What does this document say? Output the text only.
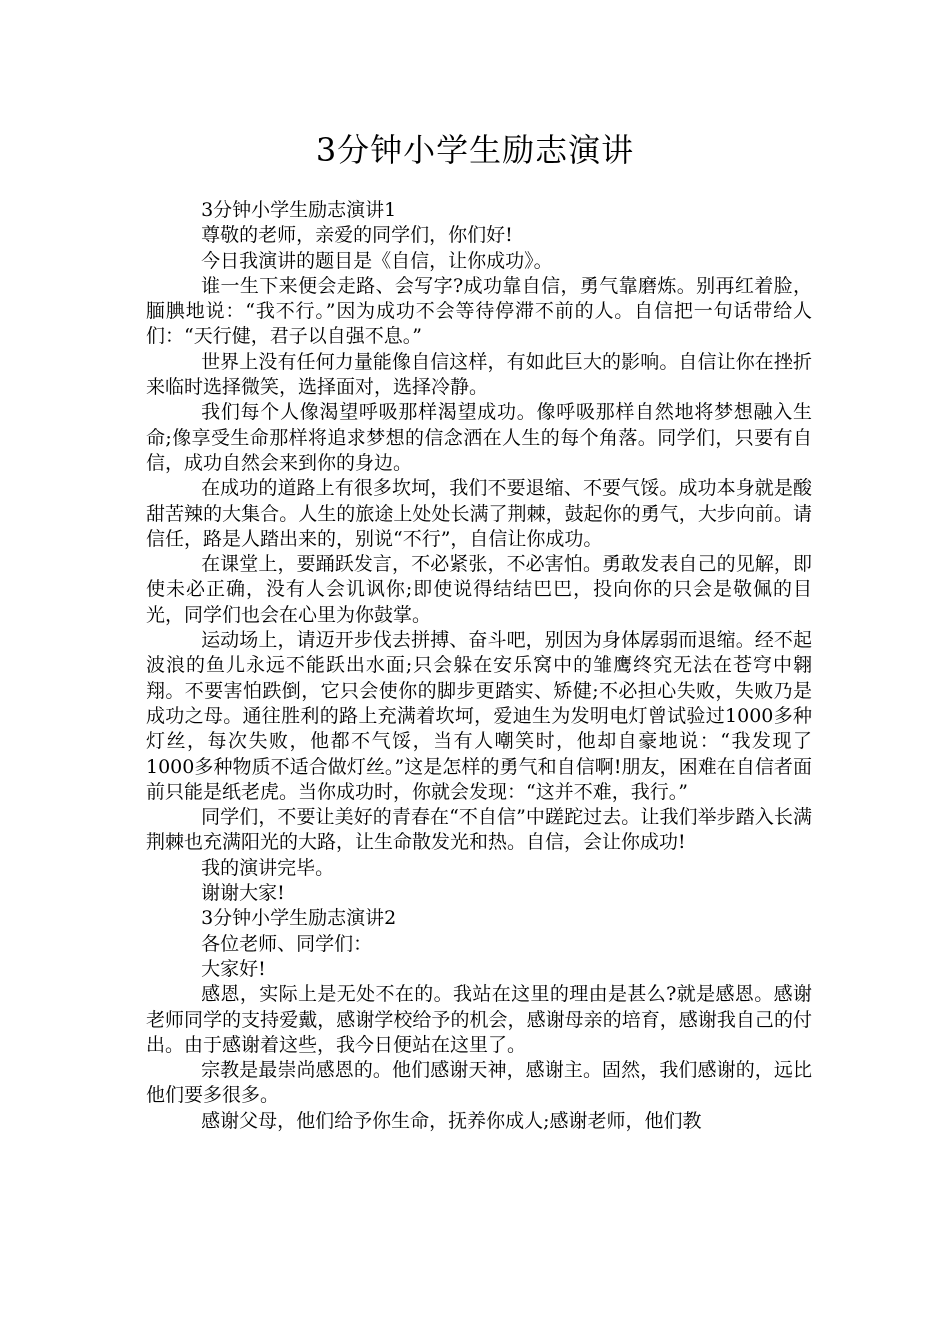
3分钟小学生励志演讲

3分钟小学生励志演讲1

尊敬的老师，亲爱的同学们，你们好!

今日我演讲的题目是《自信，让你成功》。

谁一生下来便会走路、会写字?成功靠自信，勇气靠磨炼。别再红着脸，腼腆地说：“我不行。”因为成功不会等待停滞不前的人。自信把一句话带给人们：“天行健，君子以自强不息。”

世界上没有任何力量能像自信这样，有如此巨大的影响。自信让你在挫折来临时选择微笑，选择面对，选择冷静。

我们每个人像渴望呼吸那样渴望成功。像呼吸那样自然地将梦想融入生命;像享受生命那样将追求梦想的信念洒在人生的每个角落。同学们，只要有自信，成功自然会来到你的身边。

在成功的道路上有很多坎坷，我们不要退缩、不要气馁。成功本身就是酸甜苦辣的大集合。人生的旅途上处处长满了荆棘，鼓起你的勇气，大步向前。请信任，路是人踏出来的，别说“不行”，自信让你成功。

在课堂上，要踊跃发言，不必紧张，不必害怕。勇敢发表自己的见解，即使未必正确，没有人会讥讽你;即使说得结结巴巴，投向你的只会是敬佩的目光，同学们也会在心里为你鼓掌。

运动场上，请迈开步伐去拼搏、奋斗吧，别因为身体孱弱而退缩。经不起波浪的鱼儿永远不能跃出水面;只会躲在安乐窝中的雏鹰终究无法在苍穹中翱翔。不要害怕跌倒，它只会使你的脚步更踏实、矫健;不必担心失败，失败乃是成功之母。通往胜利的路上充满着坎坷，爱迪生为发明电灯曾试验过1000多种灯丝，每次失败，他都不气馁，当有人嘲笑时，他却自豪地说：“我发现了1000多种物质不适合做灯丝。”这是怎样的勇气和自信啊!朋友，困难在自信者面前只能是纸老虎。当你成功时，你就会发现：“这并不难，我行。”

同学们，不要让美好的青春在“不自信”中蹉跎过去。让我们举步踏入长满荆棘也充满阳光的大路，让生命散发光和热。自信，会让你成功!

我的演讲完毕。

谢谢大家!

3分钟小学生励志演讲2

各位老师、同学们：

大家好!

感恩，实际上是无处不在的。我站在这里的理由是甚么?就是感恩。感谢老师同学的支持爱戴，感谢学校给予的机会，感谢母亲的培育，感谢我自己的付出。由于感谢着这些，我今日便站在这里了。

宗教是最崇尚感恩的。他们感谢天神，感谢主。固然，我们感谢的，远比他们要多很多。

感谢父母，他们给予你生命，抚养你成人;感谢老师，他们教
